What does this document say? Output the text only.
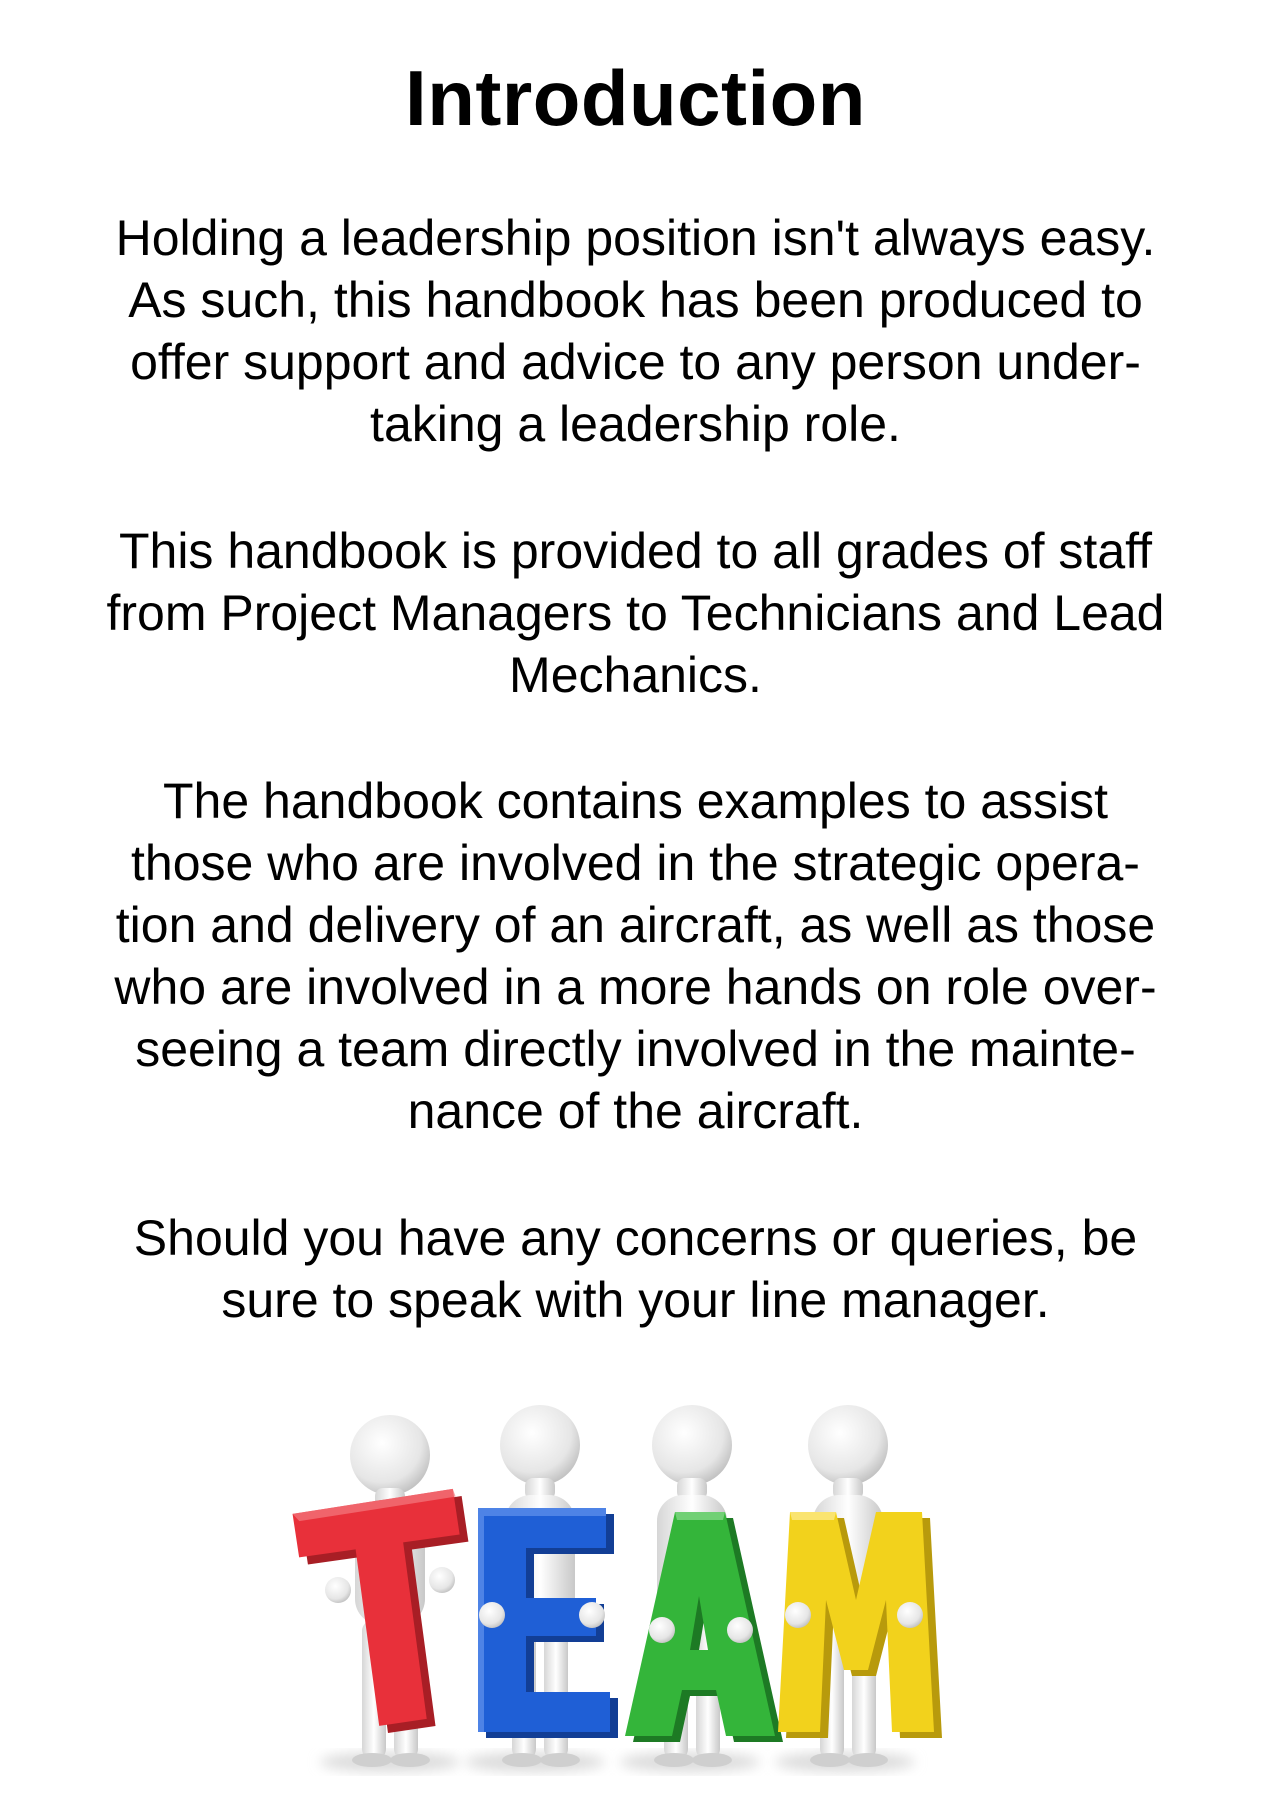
Introduction
Holding a leadership position isn't always easy.
As such, this handbook has been produced to
offer support and advice to any person under-
taking a leadership role.
This handbook is provided to all grades of staff
from Project Managers to Technicians and Lead
Mechanics.
The handbook contains examples to assist
those who are involved in the strategic opera-
tion and delivery of an aircraft, as well as those
who are involved in a more hands on role over-
seeing a team directly involved in the mainte-
nance of the aircraft.
Should you have any concerns or queries, be
sure to speak with your line manager.
